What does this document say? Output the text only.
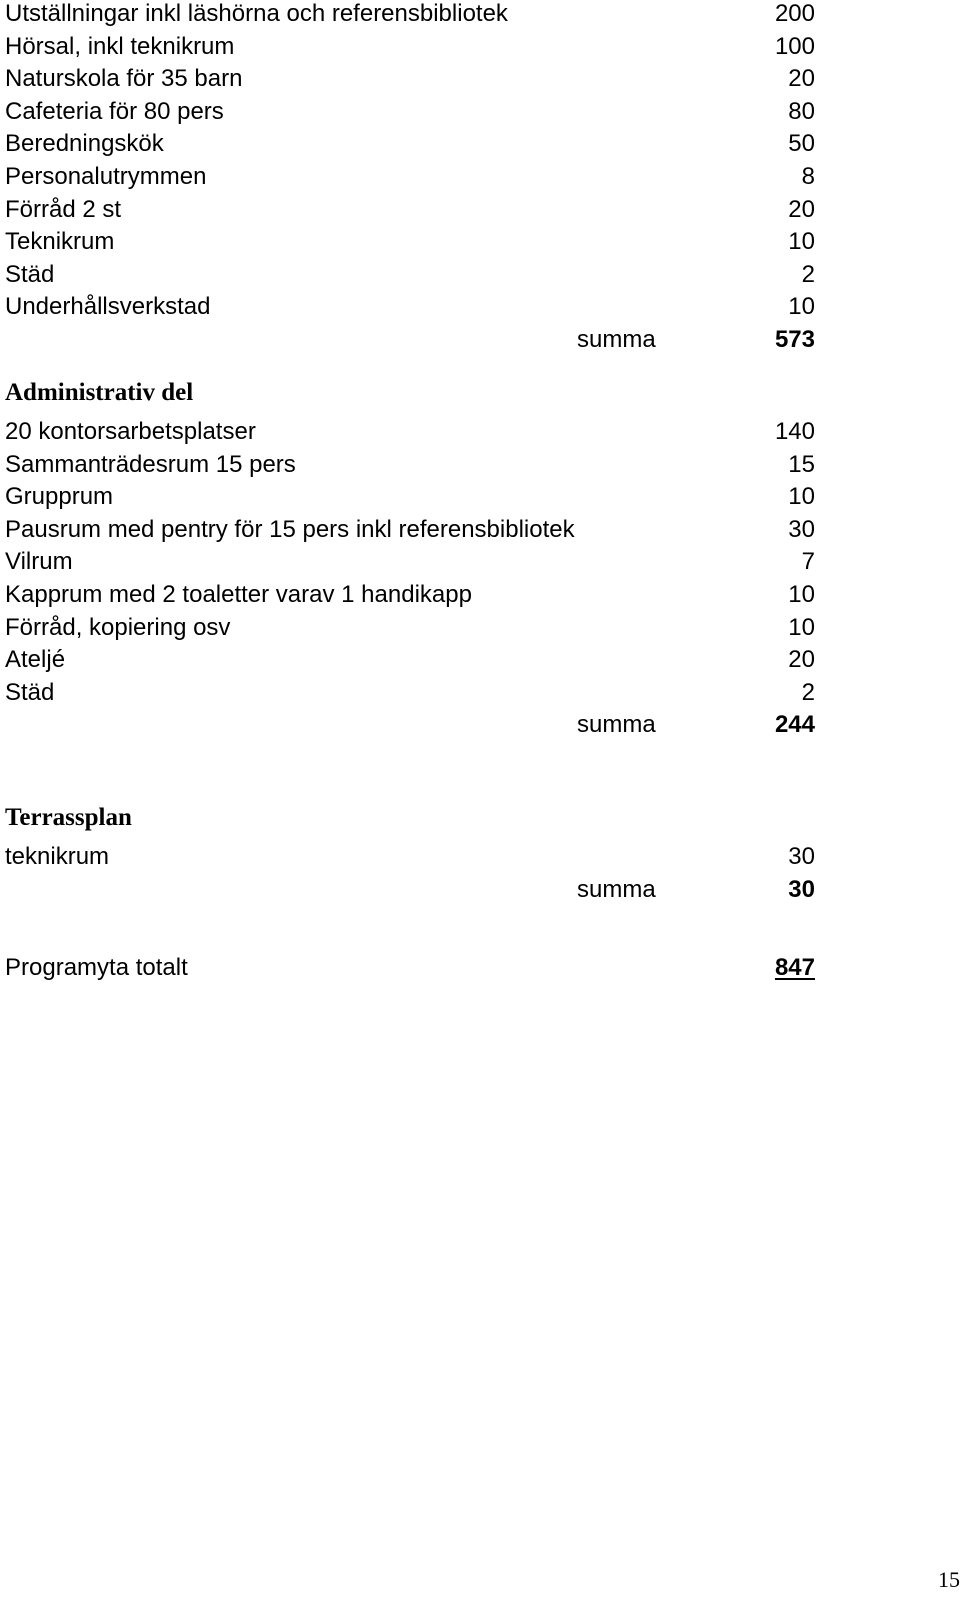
Utställningar inkl läshörna och referensbibliotek	200
Hörsal, inkl teknikrum	100
Naturskola för 35 barn	20
Cafeteria för 80 pers	80
Beredningskök	50
Personalutrymmen	8
Förråd 2 st	20
Teknikrum	10
Städ	2
Underhållsverkstad	10
summa	573
Administrativ del
20 kontorsarbetsplatser	140
Sammanträdesrum 15 pers	15
Grupprum	10
Pausrum med pentry för 15 pers inkl referensbibliotek	30
Vilrum	7
Kapprum med 2 toaletter varav 1 handikapp	10
Förråd, kopiering osv	10
Ateljé	20
Städ	2
summa	244
Terrassplan
teknikrum	30
summa	30
Programyta totalt	847
15
